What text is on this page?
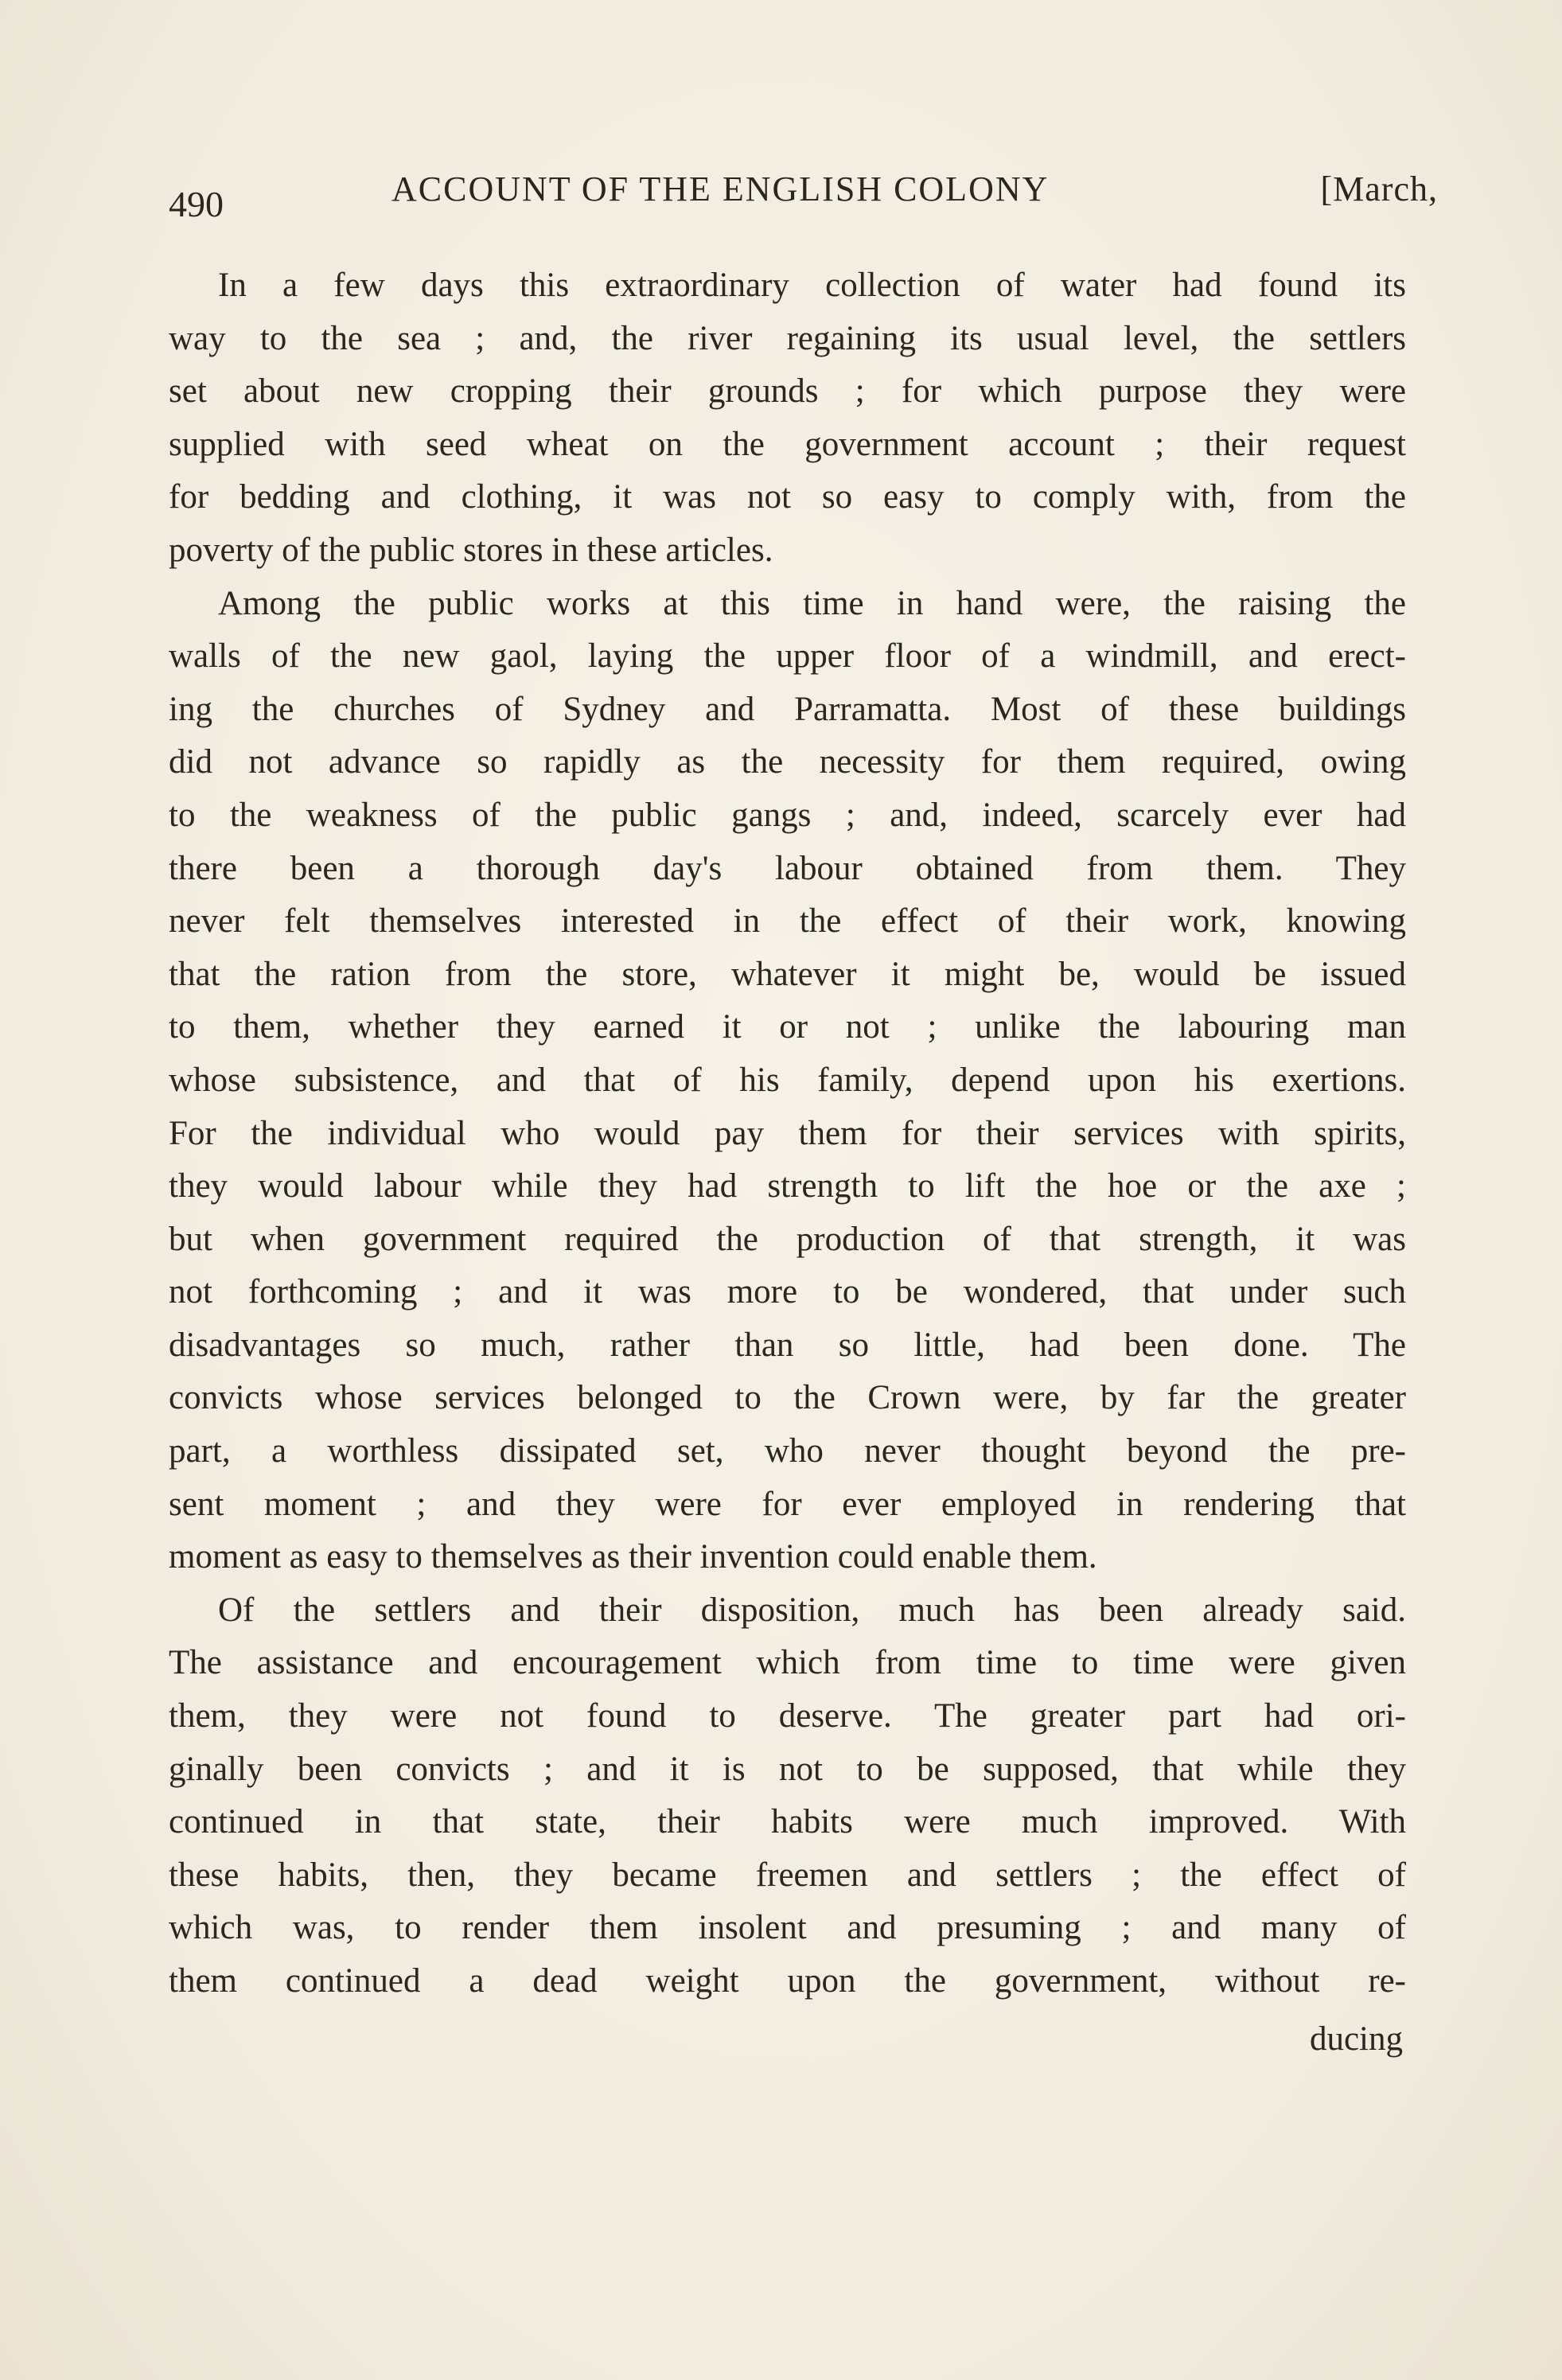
490	ACCOUNT OF THE ENGLISH COLONY	[March,
In a few days this extraordinary collection of water had found its
way to the sea ; and, the river regaining its usual level, the settlers
set about new cropping their grounds ; for which purpose they were
supplied with seed wheat on the government account ; their request
for bedding and clothing, it was not so easy to comply with, from the
poverty of the public stores in these articles.
Among the public works at this time in hand were, the raising the
walls of the new gaol, laying the upper floor of a windmill, and erect-
ing the churches of Sydney and Parramatta. Most of these buildings
did not advance so rapidly as the necessity for them required, owing
to the weakness of the public gangs ; and, indeed, scarcely ever had
there been a thorough day's labour obtained from them. They
never felt themselves interested in the effect of their work, knowing
that the ration from the store, whatever it might be, would be issued
to them, whether they earned it or not ; unlike the labouring man
whose subsistence, and that of his family, depend upon his exertions.
For the individual who would pay them for their services with spirits,
they would labour while they had strength to lift the hoe or the axe ;
but when government required the production of that strength, it was
not forthcoming ; and it was more to be wondered, that under such
disadvantages so much, rather than so little, had been done. The
convicts whose services belonged to the Crown were, by far the greater
part, a worthless dissipated set, who never thought beyond the pre-
sent moment ; and they were for ever employed in rendering that
moment as easy to themselves as their invention could enable them.
Of the settlers and their disposition, much has been already said.
The assistance and encouragement which from time to time were given
them, they were not found to deserve. The greater part had ori-
ginally been convicts ; and it is not to be supposed, that while they
continued in that state, their habits were much improved. With
these habits, then, they became freemen and settlers ; the effect of
which was, to render them insolent and presuming ; and many of
them continued a dead weight upon the government, without re-
ducing
